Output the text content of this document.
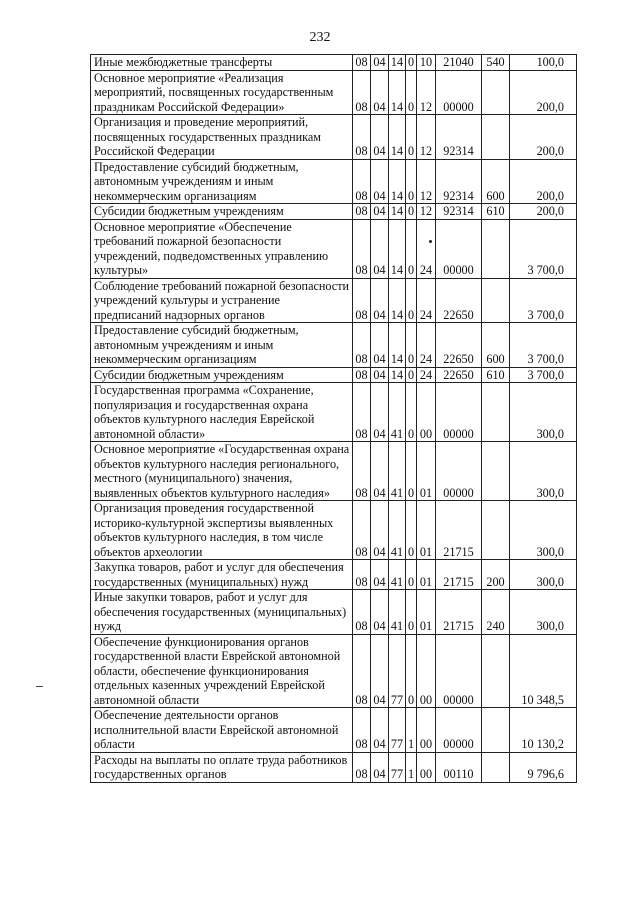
232
Иные межбюджетные трансферты	08	04	14	0	10	21040	540	100,0
Основное мероприятие «Реализация мероприятий, посвященных государственным праздникам Российской Федерации»	08	04	14	0	12	00000		200,0
Организация и проведение мероприятий, посвященных государственных праздникам Российской Федерации	08	04	14	0	12	92314		200,0
Предоставление субсидий бюджетным, автономным учреждениям и иным некоммерческим организациям	08	04	14	0	12	92314	600	200,0
Субсидии бюджетным учреждениям	08	04	14	0	12	92314	610	200,0
Основное мероприятие «Обеспечение требований пожарной безопасности учреждений, подведомственных управлению культуры»	08	04	14	0	24	00000		3 700,0
Соблюдение требований пожарной безопасности учреждений культуры и устранение предписаний надзорных органов	08	04	14	0	24	22650		3 700,0
Предоставление субсидий бюджетным, автономным учреждениям и иным некоммерческим организациям	08	04	14	0	24	22650	600	3 700,0
Субсидии бюджетным учреждениям	08	04	14	0	24	22650	610	3 700,0
Государственная программа «Сохранение, популяризация и государственная охрана объектов культурного наследия Еврейской автономной области»	08	04	41	0	00	00000		300,0
Основное мероприятие «Государственная охрана объектов культурного наследия регионального, местного (муниципального) значения, выявленных объектов культурного наследия»	08	04	41	0	01	00000		300,0
Организация проведения государственной историко-культурной экспертизы выявленных объектов культурного наследия, в том числе объектов археологии	08	04	41	0	01	21715		300,0
Закупка товаров, работ и услуг для обеспечения государственных (муниципальных) нужд	08	04	41	0	01	21715	200	300,0
Иные закупки товаров, работ и услуг для обеспечения государственных (муниципальных) нужд	08	04	41	0	01	21715	240	300,0
Обеспечение функционирования органов государственной власти Еврейской автономной области, обеспечение функционирования отдельных казенных учреждений Еврейской автономной области	08	04	77	0	00	00000		10 348,5
Обеспечение деятельности органов исполнительной власти Еврейской автономной области	08	04	77	1	00	00000		10 130,2
Расходы на выплаты по оплате труда работников государственных органов	08	04	77	1	00	00110		9 796,6
